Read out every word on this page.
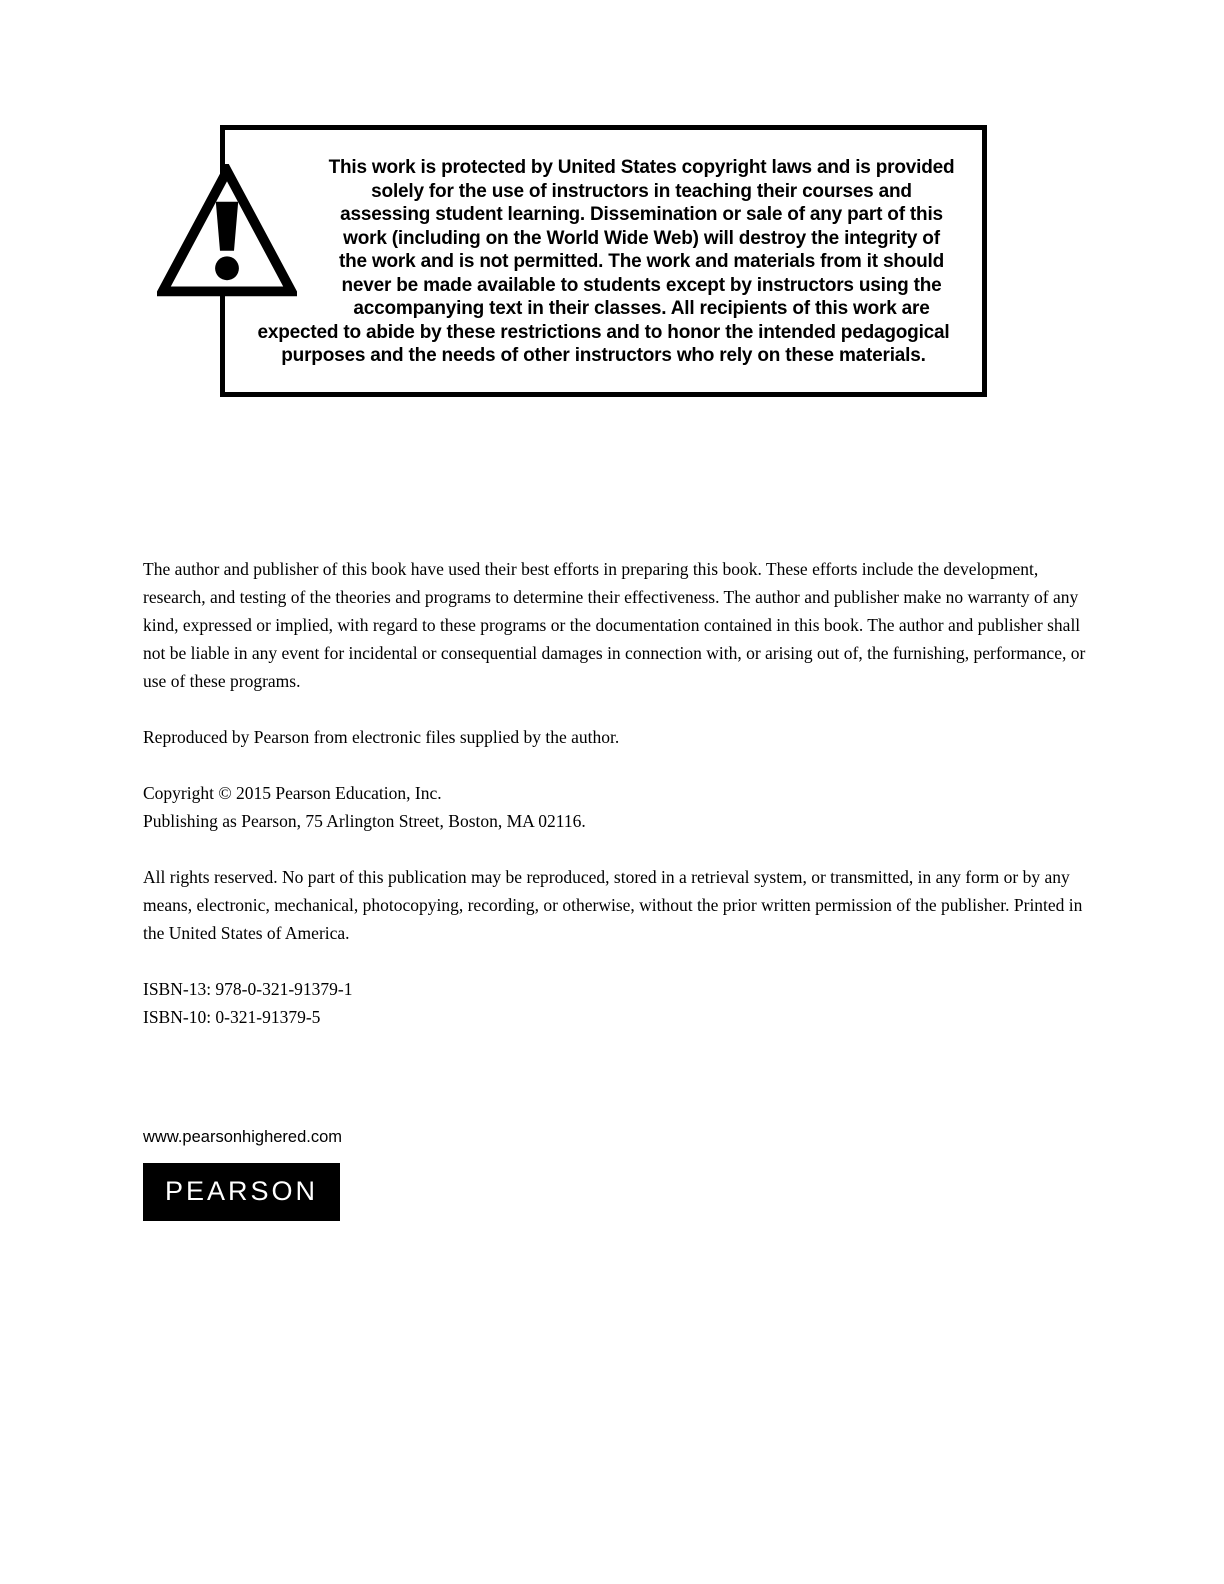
This work is protected by United States copyright laws and is provided solely for the use of instructors in teaching their courses and assessing student learning. Dissemination or sale of any part of this work (including on the World Wide Web) will destroy the integrity of the work and is not permitted. The work and materials from it should never be made available to students except by instructors using the accompanying text in their classes. All recipients of this work are expected to abide by these restrictions and to honor the intended pedagogical purposes and the needs of other instructors who rely on these materials.

The author and publisher of this book have used their best efforts in preparing this book. These efforts include the development, research, and testing of the theories and programs to determine their effectiveness. The author and publisher make no warranty of any kind, expressed or implied, with regard to these programs or the documentation contained in this book. The author and publisher shall not be liable in any event for incidental or consequential damages in connection with, or arising out of, the furnishing, performance, or use of these programs.

Reproduced by Pearson from electronic files supplied by the author.

Copyright © 2015 Pearson Education, Inc.
Publishing as Pearson, 75 Arlington Street, Boston, MA 02116.

All rights reserved. No part of this publication may be reproduced, stored in a retrieval system, or transmitted, in any form or by any means, electronic, mechanical, photocopying, recording, or otherwise, without the prior written permission of the publisher. Printed in the United States of America.

ISBN-13: 978-0-321-91379-1
ISBN-10: 0-321-91379-5

www.pearsonhighered.com
PEARSON
